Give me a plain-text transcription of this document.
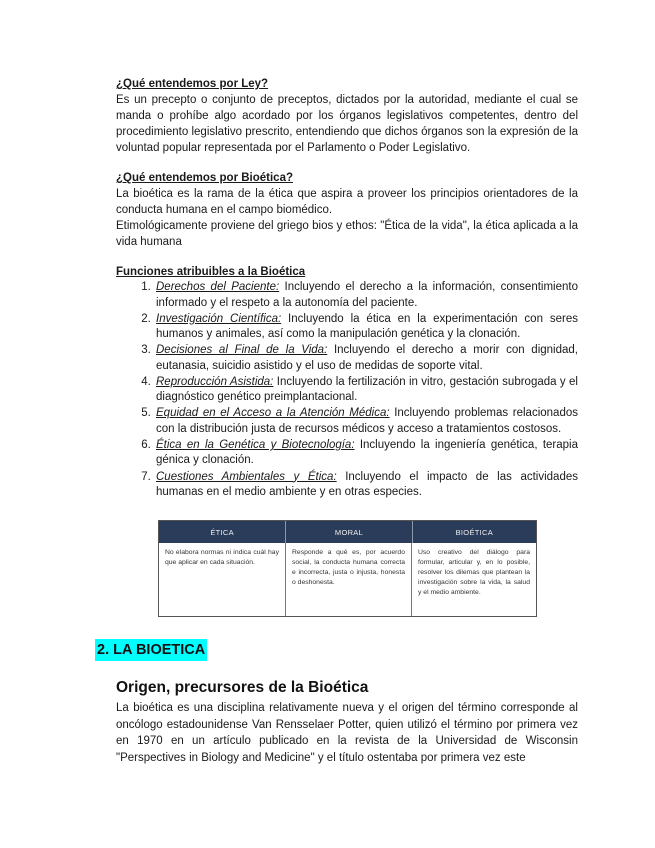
¿Qué entendemos por Ley?

Es un precepto o conjunto de preceptos, dictados por la autoridad, mediante el cual se manda o prohíbe algo acordado por los órganos legislativos competentes, dentro del procedimiento legislativo prescrito, entendiendo que dichos órganos son la expresión de la voluntad popular representada por el Parlamento o Poder Legislativo.

¿Qué entendemos por Bioética?

La bioética es la rama de la ética que aspira a proveer los principios orientadores de la conducta humana en el campo biomédico.

Etimológicamente proviene del griego bios y ethos: "Ética de la vida", la ética aplicada a la vida humana

Funciones atribuibles a la Bioética

1. Derechos del Paciente: Incluyendo el derecho a la información, consentimiento informado y el respeto a la autonomía del paciente.
2. Investigación Científica: Incluyendo la ética en la experimentación con seres humanos y animales, así como la manipulación genética y la clonación.
3. Decisiones al Final de la Vida: Incluyendo el derecho a morir con dignidad, eutanasia, suicidio asistido y el uso de medidas de soporte vital.
4. Reproducción Asistida: Incluyendo la fertilización in vitro, gestación subrogada y el diagnóstico genético preimplantacional.
5. Equidad en el Acceso a la Atención Médica: Incluyendo problemas relacionados con la distribución justa de recursos médicos y acceso a tratamientos costosos.
6. Ética en la Genética y Biotecnología: Incluyendo la ingeniería genética, terapia génica y clonación.
7. Cuestiones Ambientales y Ética: Incluyendo el impacto de las actividades humanas en el medio ambiente y en otras especies.
ÉTICA	MORAL	BIOÉTICA
No elabora normas ni indica cuál hay que aplicar en cada situación.
Responde a qué es, por acuerdo social, la conducta humana correcta e incorrecta, justa o injusta, honesta o deshonesta.
Uso creativo del diálogo para formular, articular y, en lo posible, resolver los dilemas que plantean la investigación sobre la vida, la salud y el medio ambiente.
2. LA BIOETICA
Origen, precursores de la Bioética

La bioética es una disciplina relativamente nueva y el origen del término corresponde al oncólogo estadounidense Van Rensselaer Potter, quien utilizó el término por primera vez en 1970 en un artículo publicado en la revista de la Universidad de Wisconsin "Perspectives in Biology and Medicine" y el título ostentaba por primera vez este
